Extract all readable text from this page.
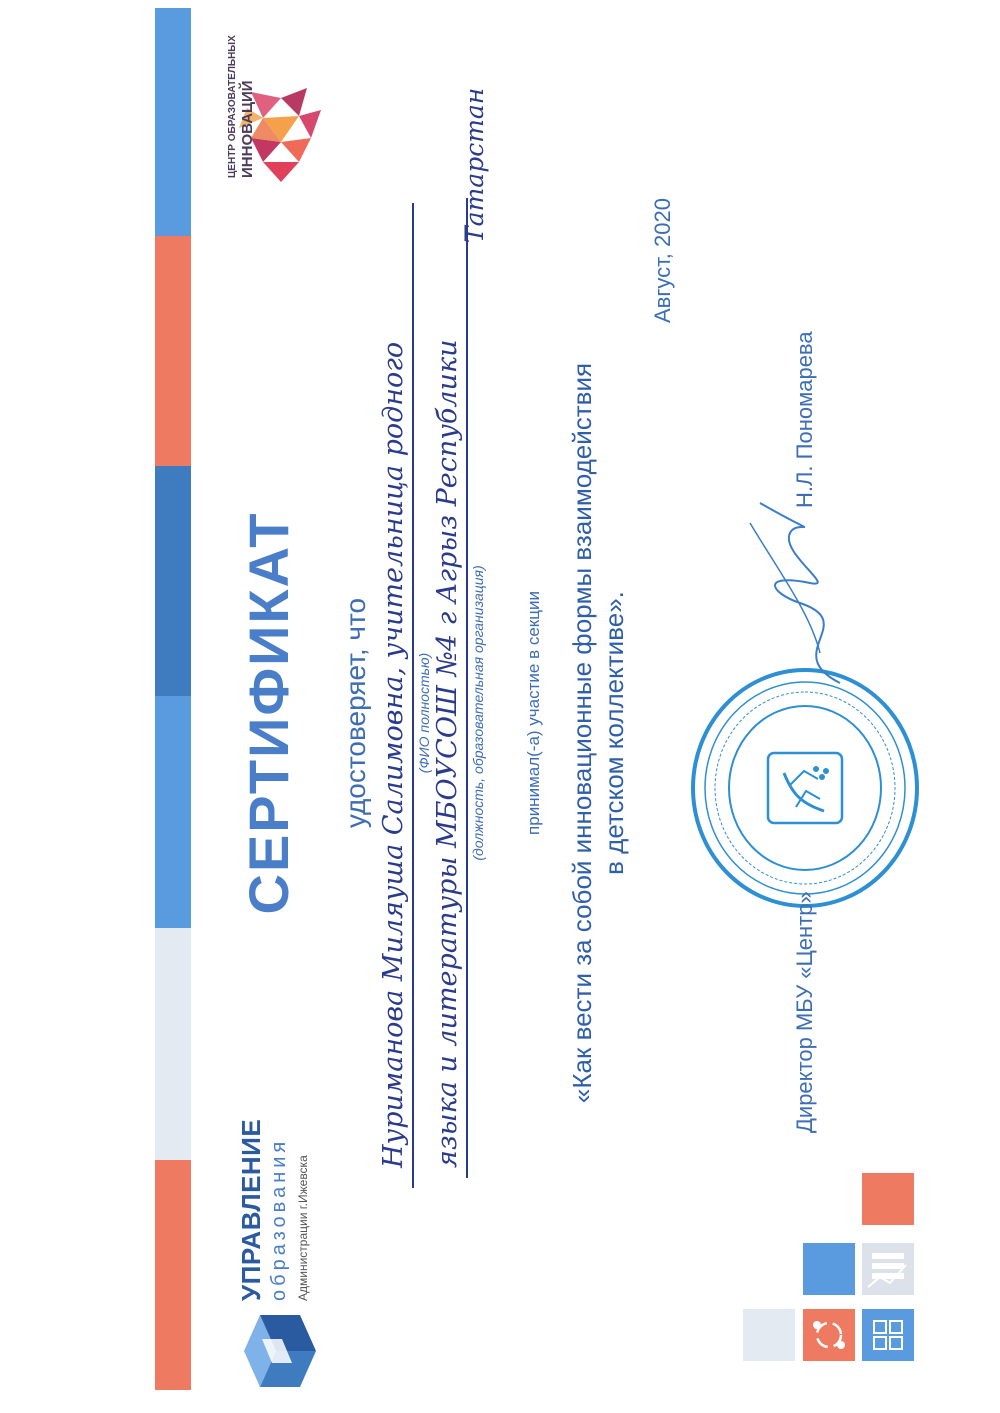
УПРАВЛЕНИЕ образования Администрации г.Ижевска
ЦЕНТР ОБРАЗОВАТЕЛЬНЫХ ИННОВАЦИЙ
СЕРТИФИКАТ удостоверяет, что Нуриманова Миляуша Салимовна, учительница родного (ФИО полностью) языка и литературы МБОУСОШ №4 г Агрыз Республики (должность, образовательная организация)
Татарстан
принимал(-а) участие в секции «Как вести за собой инновационные формы взаимодействия в детском коллективе».
Август, 2020
Директор МБУ «Центр»
Н.Л. Пономарева
